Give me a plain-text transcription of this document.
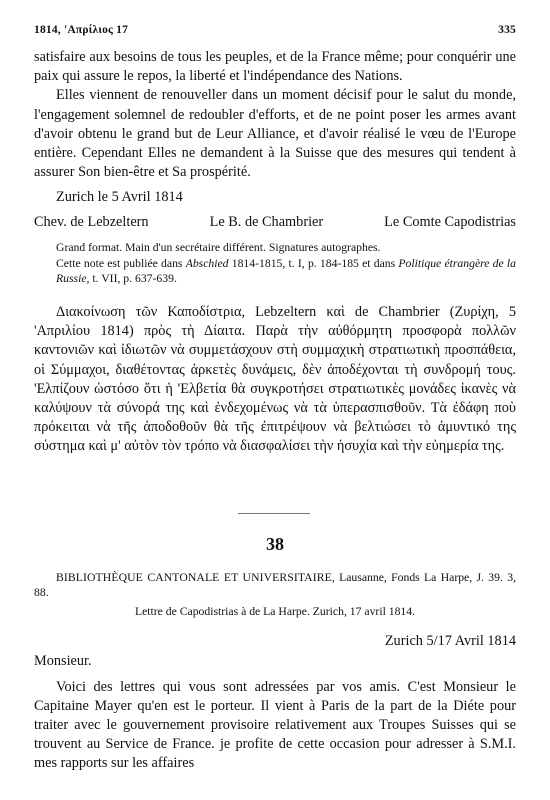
1814, 'Απρίλιος 17	335

satisfaire aux besoins de tous les peuples, et de la France même; pour conquérir une paix qui assure le repos, la liberté et l'indépendance des Nations.

Elles viennent de renouveller dans un moment décisif pour le salut du monde, l'engagement solemnel de redoubler d'efforts, et de ne point poser les armes avant d'avoir obtenu le grand but de Leur Alliance, et d'avoir réalisé le vœu de l'Europe entière. Cependant Elles ne demandent à la Suisse que des mesures qui tendent à assurer Son bien-être et Sa prospérité.

Zurich le 5 Avril 1814
Chev. de Lebzeltern	Le B. de Chambrier	Le Comte Capodistrias
Grand format. Main d'un secrétaire différent. Signatures autographes.
Cette note est publiée dans Abschied 1814-1815, t. I, p. 184-185 et dans Politique étrangère de la Russie, t. VII, p. 637-639.

Διακοίνωση τῶν Καποδίστρια, Lebzeltern καὶ de Chambrier (Ζυρίχη, 5 'Απριλίου 1814) πρὸς τὴ Δίαιτα. Παρὰ τὴν αὐθόρμητη προσφορὰ πολλῶν καντονιῶν καὶ ἰδιωτῶν νὰ συμμετάσχουν στὴ συμμαχικὴ στρατιωτικὴ προσπάθεια, οἱ Σύμμαχοι, διαθέτοντας ἀρκετὲς δυνάμεις, δὲν ἀποδέχονται τὴ συνδρομή τους. 'Ελπίζουν ὡστόσο ὅτι ἡ 'Ελβετία θὰ συγκροτήσει στρατιωτικὲς μονάδες ἱκανὲς νὰ καλύψουν τὰ σύνορά της καὶ ἐνδεχομένως νὰ τὰ ὑπερασπισθοῦν. Τὰ ἐδάφη ποὺ πρόκειται νὰ τῆς ἀποδοθοῦν θὰ τῆς ἐπιτρέψουν νὰ βελτιώσει τὸ ἀμυντικό της σύστημα καὶ μ' αὐτὸν τὸν τρόπο νὰ διασφαλίσει τὴν ἡσυχία καὶ τὴν εὐημερία της.

38

BIBLIOTHÈQUE CANTONALE ET UNIVERSITAIRE, Lausanne, Fonds La Harpe, J. 39. 3, 88.

Lettre de Capodistrias à de La Harpe. Zurich, 17 avril 1814.
Zurich 5/17 Avril 1814
Monsieur.

Voici des lettres qui vous sont adressées par vos amis. C'est Monsieur le Capitaine Mayer qu'en est le porteur. Il vient à Paris de la part de la Diéte pour traiter avec le gouvernement provisoire relativement aux Troupes Suisses qui se trouvent au Service de France. je profite de cette occasion pour adresser à S.M.I. mes rapports sur les affaires
